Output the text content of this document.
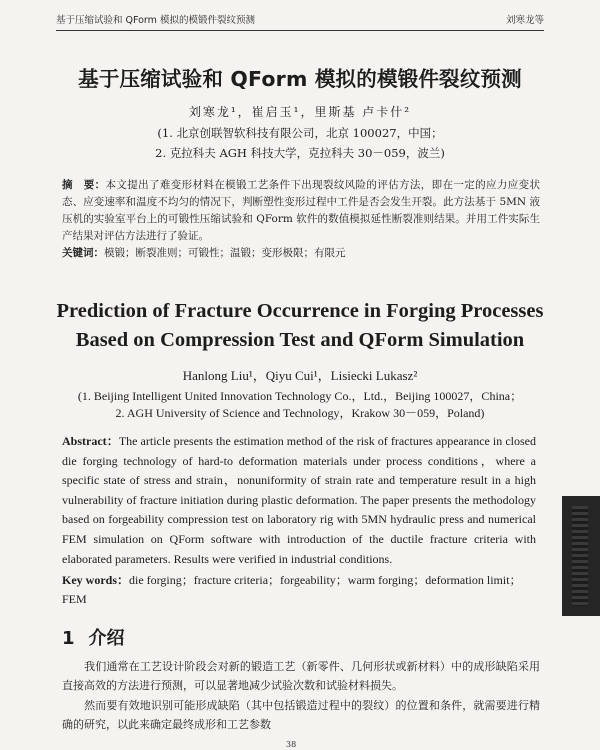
基于压缩试验和 QForm 模拟的模锻件裂纹预测	刘寒龙等
基于压缩试验和 QForm 模拟的模锻件裂纹预测
刘寒龙¹，崔启玉¹，里斯基 卢卡什²
(1. 北京创联智软科技有限公司，北京 100027，中国；
2. 克拉科夫 AGH 科技大学，克拉科夫 30－059，波兰)
摘　要：本文提出了难变形材料在模锻工艺条件下出现裂纹风险的评估方法，即在一定的应力应变状态、应变速率和温度不均匀的情况下，判断塑性变形过程中工件是否会发生开裂。此方法基于 5MN 液压机的实验室平台上的可锻性压缩试验和 QForm 软件的数值模拟延性断裂准则结果。并用工件实际生产结果对评估方法进行了验证。
关键词：模锻；断裂准则；可锻性；温锻；变形极限；有限元
Prediction of Fracture Occurrence in Forging Processes
Based on Compression Test and QForm Simulation
Hanlong Liu¹，Qiyu Cui¹，Lisiecki Lukasz²
(1. Beijing Intelligent United Innovation Technology Co.，Ltd.，Beijing 100027，China；
2. AGH University of Science and Technology，Krakow 30－059，Poland)
Abstract：The article presents the estimation method of the risk of fractures appearance in closed die forging technology of hard-to deformation materials under process conditions，where a specific state of stress and strain，nonuniformity of strain rate and temperature result in a high vulnerability of fracture initiation during plastic deformation. The paper presents the methodology based on forgeability compression test on laboratory rig with 5MN hydraulic press and numerical FEM simulation on QForm software with introduction of the ductile fracture criteria with elaborated parameters. Results were verified in industrial conditions.
Key words：die forging；fracture criteria；forgeability；warm forging；deformation limit；FEM
1 介绍
我们通常在工艺设计阶段会对新的锻造工艺（新零件、几何形状或新材料）中的成形缺陷采用直接高效的方法进行预测，可以显著地减少试验次数和试验材料损失。
然而要有效地识别可能形成缺陷（其中包括锻造过程中的裂纹）的位置和条件，就需要进行精确的研究，以此来确定最终成形和工艺参数
38
